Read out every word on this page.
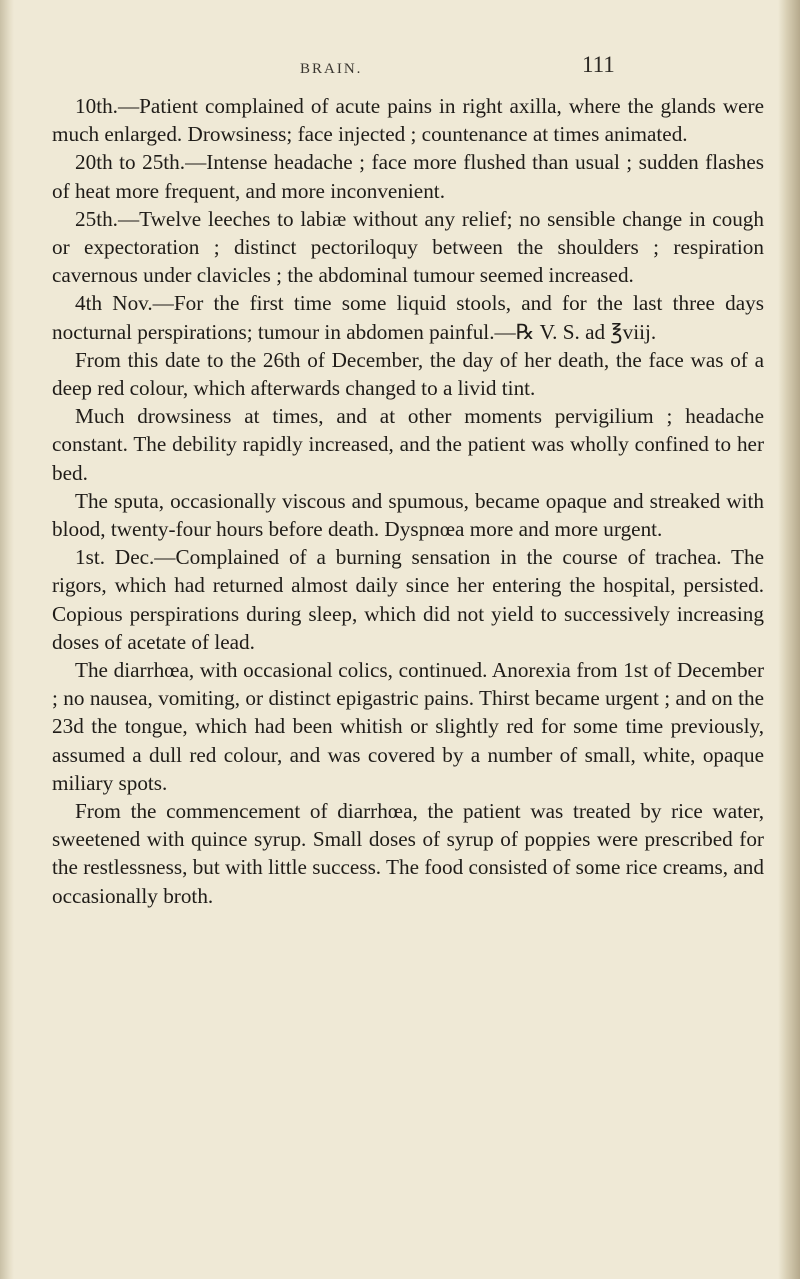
BRAIN.	111

10th.—Patient complained of acute pains in right axilla, where the glands were much enlarged. Drowsiness; face injected ; countenance at times animated.

20th to 25th.—Intense headache ; face more flushed than usual ; sudden flashes of heat more frequent, and more inconvenient.

25th.—Twelve leeches to labiæ without any relief; no sensible change in cough or expectoration ; distinct pectoriloquy between the shoulders ; respiration cavernous under clavicles ; the abdominal tumour seemed increased.

4th Nov.—For the first time some liquid stools, and for the last three days nocturnal perspirations; tumour in abdomen painful.—℞ V. S. ad ℥viij.

From this date to the 26th of December, the day of her death, the face was of a deep red colour, which afterwards changed to a livid tint.

Much drowsiness at times, and at other moments pervigilium ; headache constant. The debility rapidly increased, and the patient was wholly confined to her bed.

The sputa, occasionally viscous and spumous, became opaque and streaked with blood, twenty-four hours before death. Dyspnœa more and more urgent.

1st. Dec.—Complained of a burning sensation in the course of trachea. The rigors, which had returned almost daily since her entering the hospital, persisted. Copious perspirations during sleep, which did not yield to successively increasing doses of acetate of lead.

The diarrhœa, with occasional colics, continued. Anorexia from 1st of December ; no nausea, vomiting, or distinct epigastric pains. Thirst became urgent ; and on the 23d the tongue, which had been whitish or slightly red for some time previously, assumed a dull red colour, and was covered by a number of small, white, opaque miliary spots.

From the commencement of diarrhœa, the patient was treated by rice water, sweetened with quince syrup. Small doses of syrup of poppies were prescribed for the restlessness, but with little success. The food consisted of some rice creams, and occasionally broth.
